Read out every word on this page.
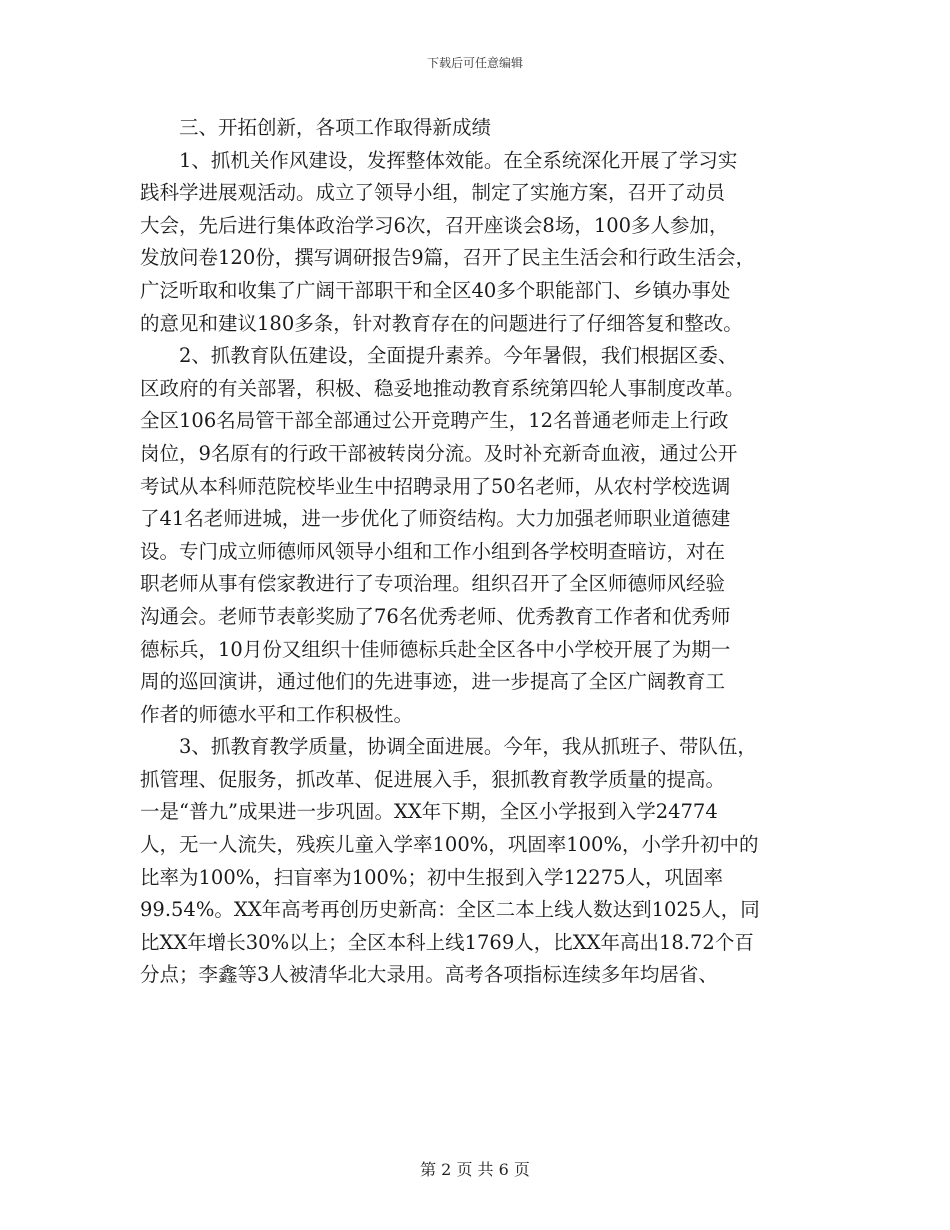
下载后可任意编辑
　　三、开拓创新，各项工作取得新成绩
　　1、抓机关作风建设，发挥整体效能。在全系统深化开展了学习实
践科学进展观活动。成立了领导小组，制定了实施方案，召开了动员
大会，先后进行集体政治学习6次，召开座谈会8场，100多人参加，
发放问卷120份，撰写调研报告9篇，召开了民主生活会和行政生活会，
广泛听取和收集了广阔干部职干和全区40多个职能部门、乡镇办事处
的意见和建议180多条，针对教育存在的问题进行了仔细答复和整改。
　　2、抓教育队伍建设，全面提升素养。今年暑假，我们根据区委、
区政府的有关部署，积极、稳妥地推动教育系统第四轮人事制度改革。
全区106名局管干部全部通过公开竞聘产生，12名普通老师走上行政
岗位，9名原有的行政干部被转岗分流。及时补充新奇血液，通过公开
考试从本科师范院校毕业生中招聘录用了50名老师，从农村学校选调
了41名老师进城，进一步优化了师资结构。大力加强老师职业道德建
设。专门成立师德师风领导小组和工作小组到各学校明查暗访，对在
职老师从事有偿家教进行了专项治理。组织召开了全区师德师风经验
沟通会。老师节表彰奖励了76名优秀老师、优秀教育工作者和优秀师
德标兵，10月份又组织十佳师德标兵赴全区各中小学校开展了为期一
周的巡回演讲，通过他们的先进事迹，进一步提高了全区广阔教育工
作者的师德水平和工作积极性。
　　3、抓教育教学质量，协调全面进展。今年，我从抓班子、带队伍，
抓管理、促服务，抓改革、促进展入手，狠抓教育教学质量的提高。
一是“普九”成果进一步巩固。XX年下期，全区小学报到入学24774
人，无一人流失，残疾儿童入学率100%，巩固率100%，小学升初中的
比率为100%，扫盲率为100%；初中生报到入学12275人，巩固率
99.54%。XX年高考再创历史新高：全区二本上线人数达到1025人，同
比XX年增长30%以上；全区本科上线1769人，比XX年高出18.72个百
分点；李鑫等3人被清华北大录用。高考各项指标连续多年均居省、
第 2 页 共 6 页
